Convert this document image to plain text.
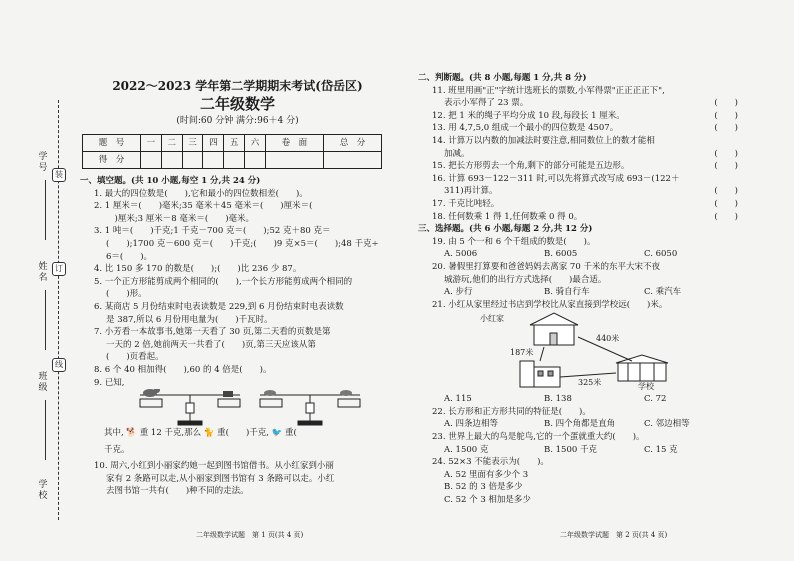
学号
姓名
班级
学校
装
订
线
2022～2023 学年第二学期期末考试(岱岳区)
二年级数学
(时间:60 分钟 满分:96＋4 分)
题　号	一	二	三	四	五	六	卷　面	总　分
得　分								
一、填空题。(共 10 小题,每空 1 分,共 24 分)
1. 最大的四位数是(　　),它和最小的四位数相差(　　)。
2. 1 厘米＝(　　)毫米;35 毫米＋45 毫米＝(　　)厘米＝(
　)厘米;3 厘米－8 毫米＝(　　)毫米。
3. 1 吨＝(　　)千克;1 千克－700 克＝(　　);52 克＋80 克＝
(　　);1700 克－600 克＝(　　)千克;(　　)9 克×5＝(　　);48 千克÷
6＝(　　)。
4. 比 150 多 170 的数是(　　);(　　)比 236 少 87。
5. 一个正方形能剪成两个相同的(　　),一个长方形能剪成两个相同的
(　　)形。
6. 某商店 5 月份结束时电表读数是 229,到 6 月份结束时电表读数
是 387,所以 6 月份用电量为(　　)千瓦时。
7. 小芳看一本故事书,她第一天看了 30 页,第二天看的页数是第
一天的 2 倍,她前两天一共看了(　　)页,第三天应该从第
(　　)页看起。
8. 6 个 40 相加得(　　),60 的 4 倍是(　　)。
9. 已知,
其中, 🐕 重 12 千克,那么 🐈 重(　　)千克, 🐦 重(
千克。
10. 周六,小红到小丽家约她一起到图书馆借书。从小红家到小丽
家有 2 条路可以走,从小丽家到图书馆有 3 条路可以走。小红
去图书馆一共有(　　)种不同的走法。
二、判断题。(共 8 小题,每题 1 分,共 8 分)
11. 班里用画"正"字统计选班长的票数,小军得票"正正正正下",
表示小军得了 23 票。	(　　)
12. 把 1 米的绳子平均分成 10 段,每段长 1 厘米。	(　　)
13. 用 4,7,5,0 组成一个最小的四位数是 4507。	(　　)
14. 计算万以内数的加减法时要注意,相同数位上的数才能相
加减。	(　　)
15. 把长方形剪去一个角,剩下的部分可能是五边形。	(　　)
16. 计算 693－122－311 时,可以先将算式改写成 693－(122＋
311)再计算。	(　　)
17. 千克比吨轻。	(　　)
18. 任何数乘 1 得 1,任何数乘 0 得 0。	(　　)
三、选择题。(共 6 小题,每题 2 分,共 12 分)
19. 由 5 个一和 6 个千组成的数是(　　)。
A. 5006	B. 6005	C. 6050
20. 暑假里打算要和爸爸妈妈去离家 70 千米的东平大宋不夜
城游玩,他们的出行方式选择(　　)最合适。
A. 步行	B. 骑自行车	C. 乘汽车
21. 小红从家里经过书店到学校比从家直接到学校远(　　)米。
小红家
440米
187米
325米	学校
A. 115	B. 138	C. 72
22. 长方形和正方形共同的特征是(　　)。
A. 四条边相等	B. 四个角都是直角	C. 邻边相等
23. 世界上最大的鸟是鸵鸟,它的一个蛋就重大约(　　)。
A. 1500 克	B. 1500 千克	C. 15 克
24. 52×3 不能表示为(　　)。
A. 52 里面有多少个 3
B. 52 的 3 倍是多少
C. 52 个 3 相加是多少
二年级数学试题　第 1 页(共 4 页)	二年级数学试题　第 2 页(共 4 页)
